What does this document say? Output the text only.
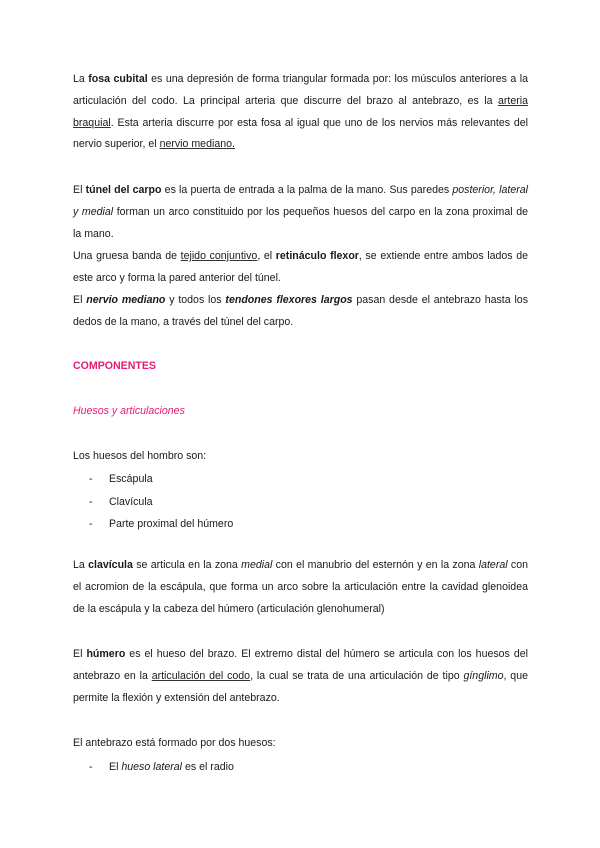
La fosa cubital es una depresión de forma triangular formada por: los músculos anteriores a la articulación del codo. La principal arteria que discurre del brazo al antebrazo, es la arteria braquial. Esta arteria discurre por esta fosa al igual que uno de los nervios más relevantes del nervio superior, el nervio mediano.
El túnel del carpo es la puerta de entrada a la palma de la mano. Sus paredes posterior, lateral y medial forman un arco constituido por los pequeños huesos del carpo en la zona proximal de la mano.
Una gruesa banda de tejido conjuntivo, el retináculo flexor, se extiende entre ambos lados de este arco y forma la pared anterior del túnel.
El nervio mediano y todos los tendones flexores largos pasan desde el antebrazo hasta los dedos de la mano, a través del túnel del carpo.
COMPONENTES
Huesos y articulaciones
Los huesos del hombro son:
- Escápula
- Clavícula
- Parte proximal del húmero
La clavícula se articula en la zona medial con el manubrio del esternón y en la zona lateral con el acromion de la escápula, que forma un arco sobre la articulación entre la cavidad glenoidea de la escápula y la cabeza del húmero (articulación glenohumeral)
El húmero es el hueso del brazo. El extremo distal del húmero se articula con los huesos del antebrazo en la articulación del codo, la cual se trata de una articulación de tipo gínglimo, que permite la flexión y extensión del antebrazo.
El antebrazo está formado por dos huesos:
- El hueso lateral es el radio
